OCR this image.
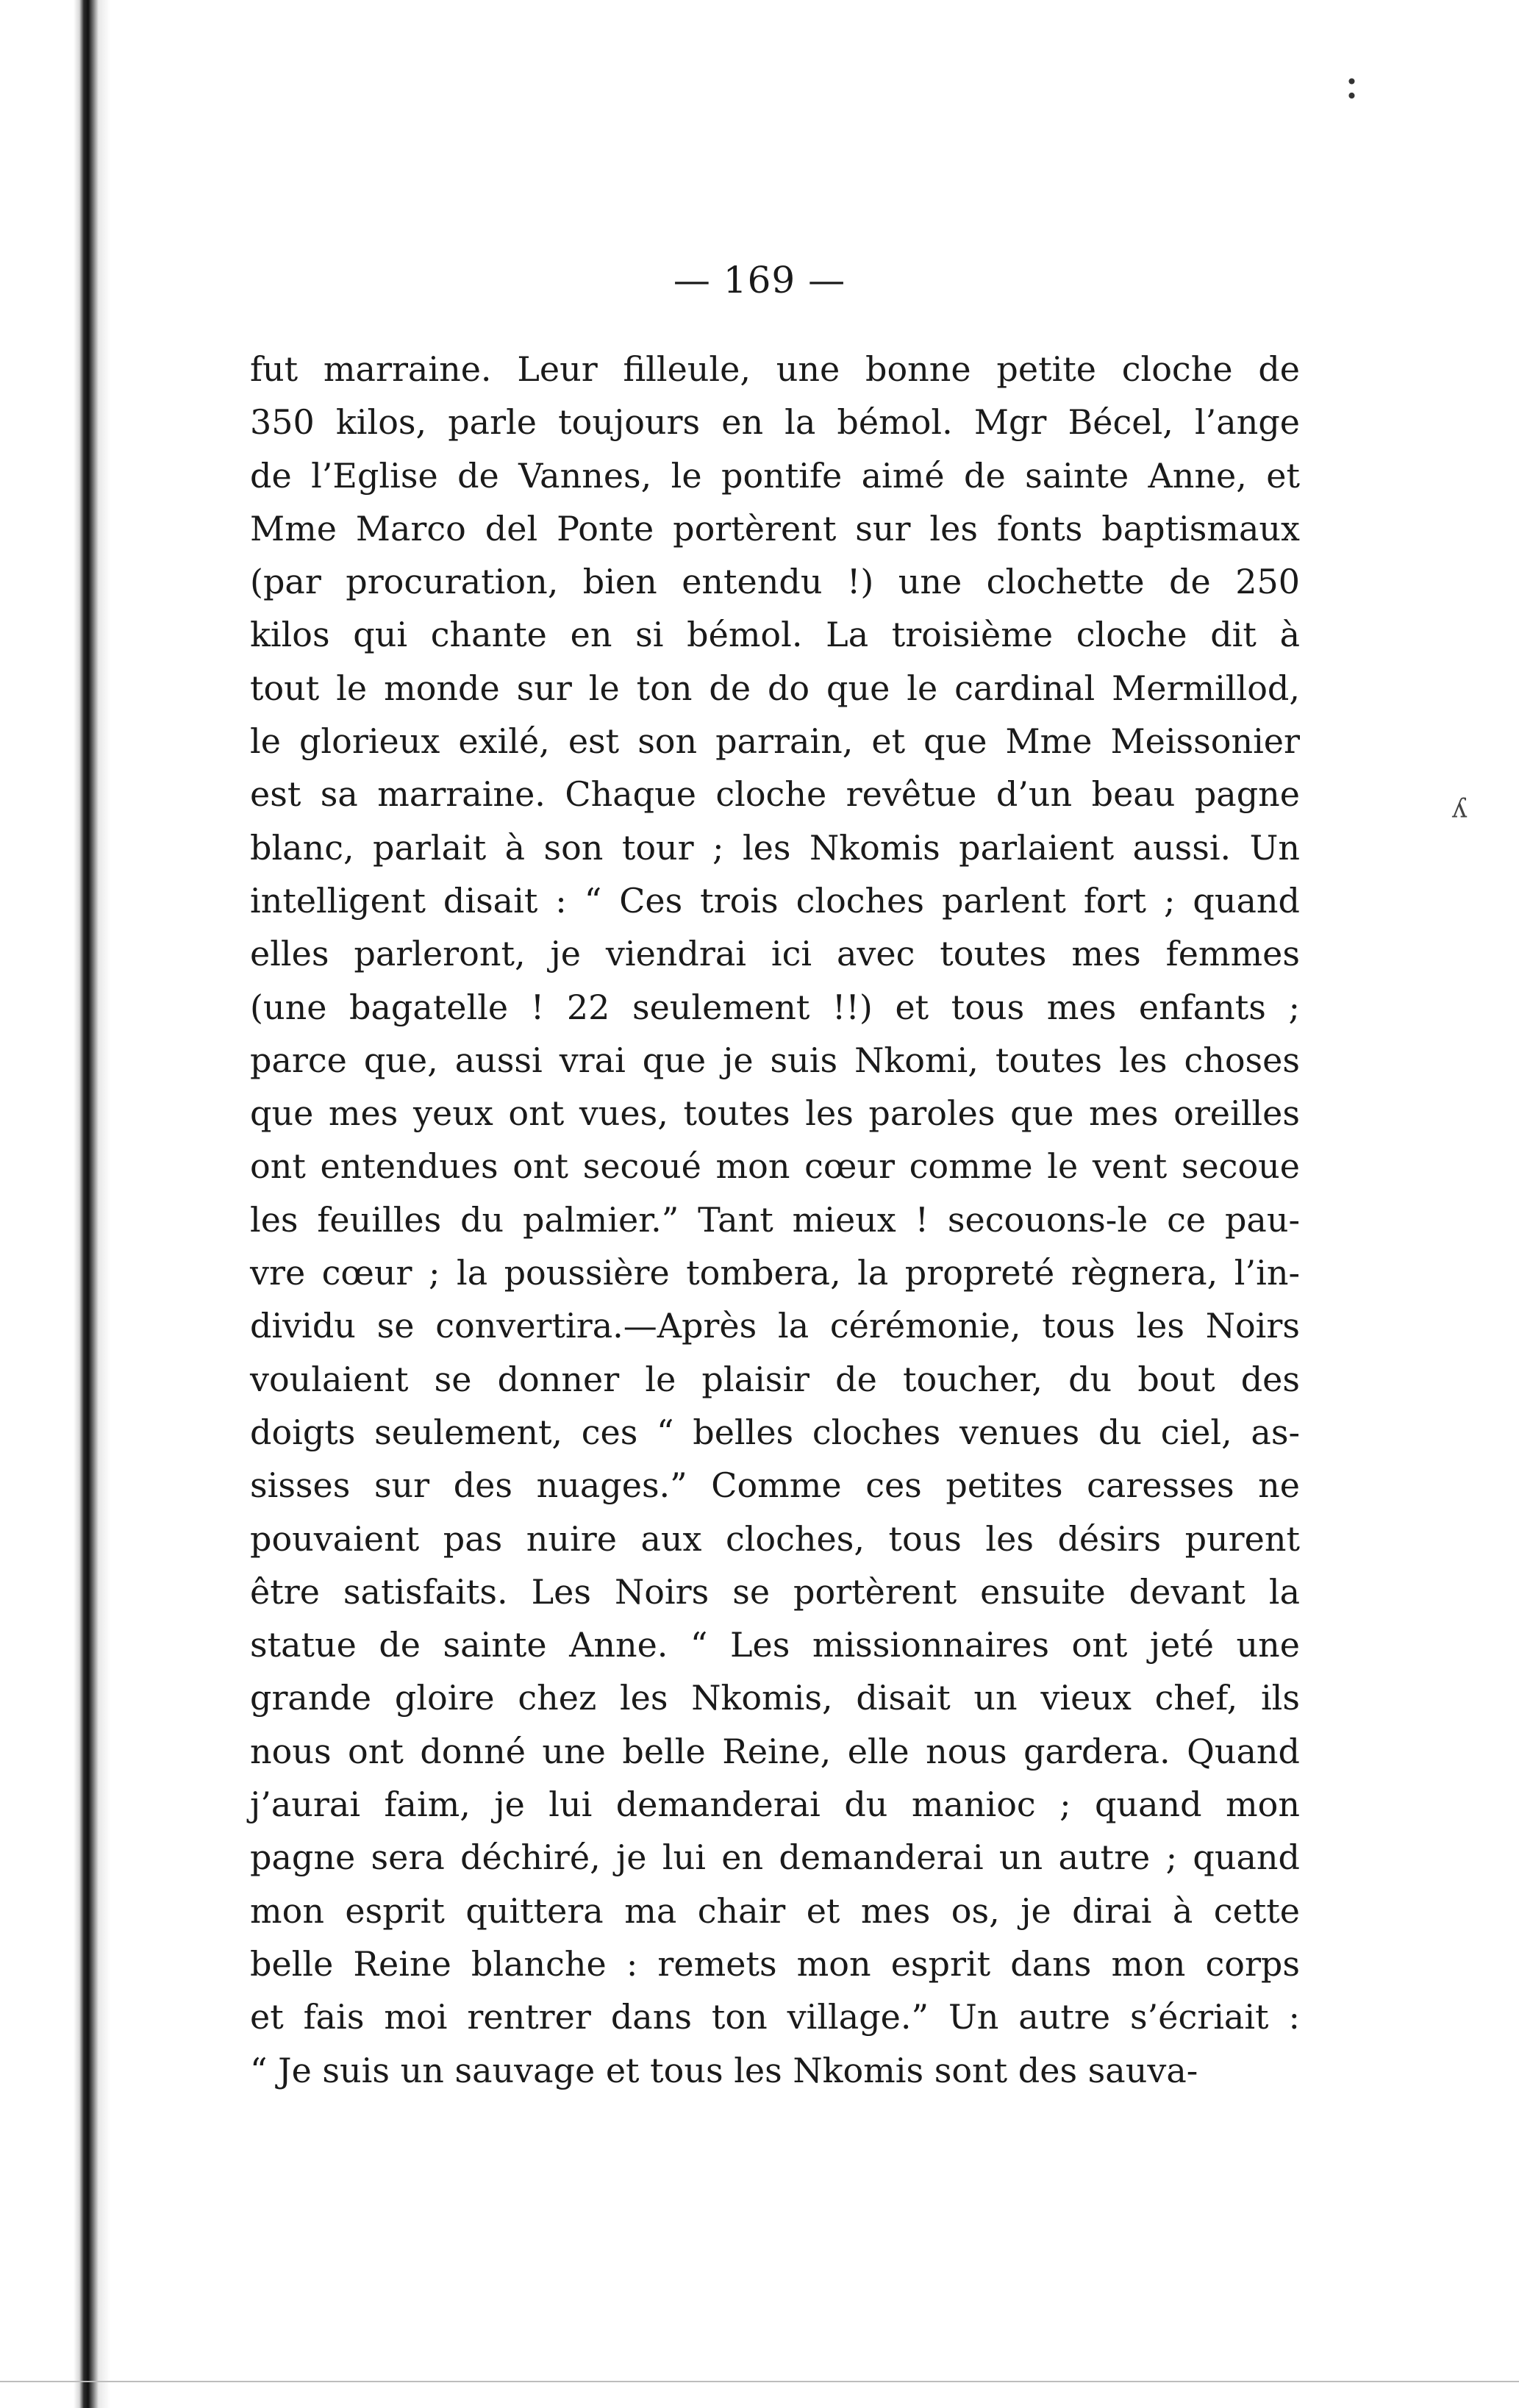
:
ʎ
— 169 —
fut marraine. Leur filleule, une bonne petite cloche de
350 kilos, parle toujours en la bémol. Mgr Bécel, l’ange
de l’Eglise de Vannes, le pontife aimé de sainte Anne, et
Mme Marco del Ponte portèrent sur les fonts baptismaux
(par procuration, bien entendu !) une clochette de 250
kilos qui chante en si bémol. La troisième cloche dit à
tout le monde sur le ton de do que le cardinal Mermillod,
le glorieux exilé, est son parrain, et que Mme Meissonier
est sa marraine. Chaque cloche revêtue d’un beau pagne
blanc, parlait à son tour ; les Nkomis parlaient aussi. Un
intelligent disait : “ Ces trois cloches parlent fort ; quand
elles parleront, je viendrai ici avec toutes mes femmes
(une bagatelle ! 22 seulement !!) et tous mes enfants ;
parce que, aussi vrai que je suis Nkomi, toutes les choses
que mes yeux ont vues, toutes les paroles que mes oreilles
ont entendues ont secoué mon cœur comme le vent secoue
les feuilles du palmier.” Tant mieux ! secouons-le ce pau-
vre cœur ; la poussière tombera, la propreté règnera, l’in-
dividu se convertira.—Après la cérémonie, tous les Noirs
voulaient se donner le plaisir de toucher, du bout des
doigts seulement, ces “ belles cloches venues du ciel, as-
sisses sur des nuages.” Comme ces petites caresses ne
pouvaient pas nuire aux cloches, tous les désirs purent
être satisfaits. Les Noirs se portèrent ensuite devant la
statue de sainte Anne. “ Les missionnaires ont jeté une
grande gloire chez les Nkomis, disait un vieux chef, ils
nous ont donné une belle Reine, elle nous gardera. Quand
j’aurai faim, je lui demanderai du manioc ; quand mon
pagne sera déchiré, je lui en demanderai un autre ; quand
mon esprit quittera ma chair et mes os, je dirai à cette
belle Reine blanche : remets mon esprit dans mon corps
et fais moi rentrer dans ton village.” Un autre s’écriait :
“ Je suis un sauvage et tous les Nkomis sont des sauva-
